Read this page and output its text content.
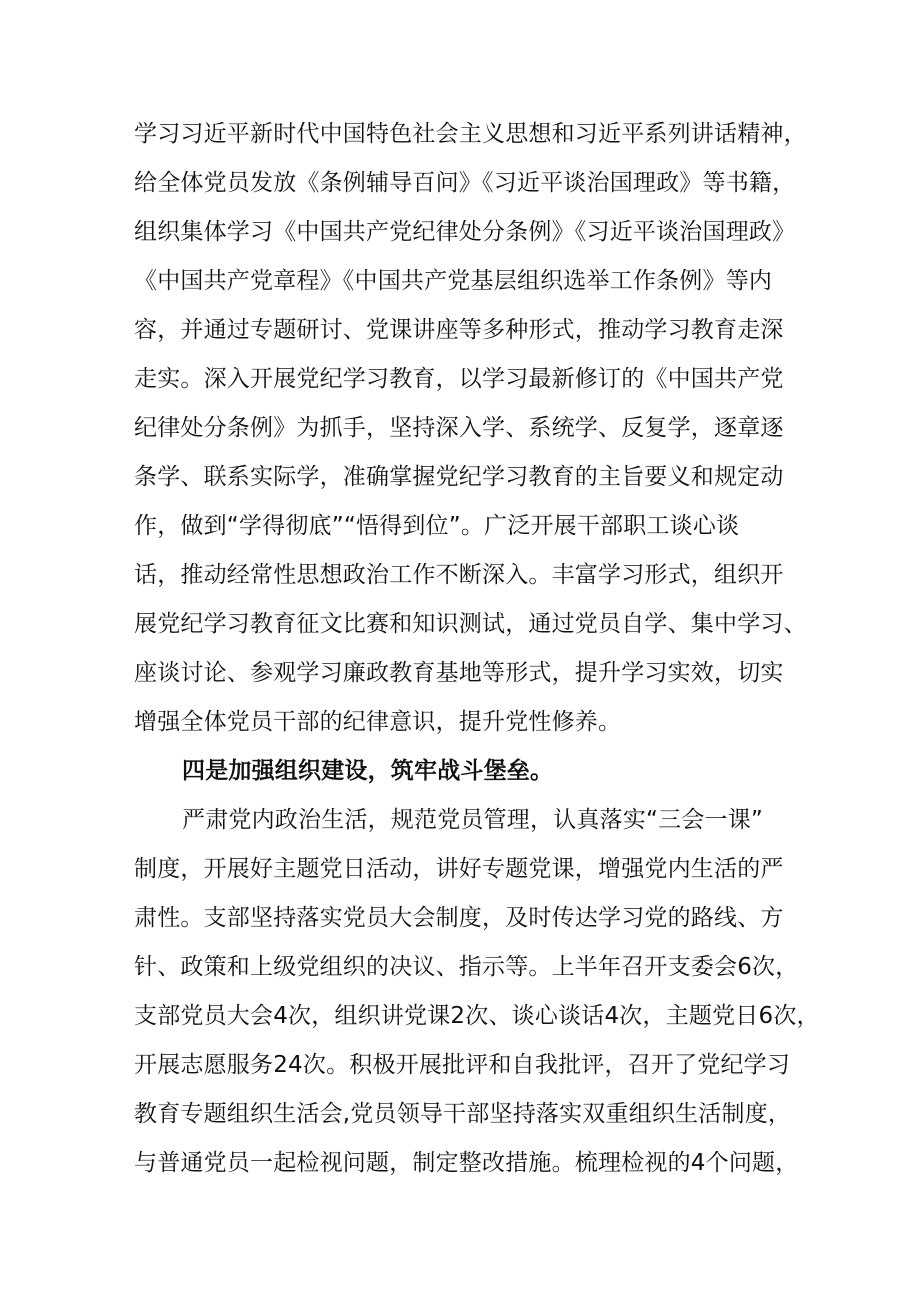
学习习近平新时代中国特色社会主义思想和习近平系列讲话精神，
给全体党员发放《条例辅导百问》《习近平谈治国理政》等书籍，
组织集体学习《中国共产党纪律处分条例》《习近平谈治国理政》
《中国共产党章程》《中国共产党基层组织选举工作条例》等内
容，并通过专题研讨、党课讲座等多种形式，推动学习教育走深
走实。深入开展党纪学习教育，以学习最新修订的《中国共产党
纪律处分条例》为抓手，坚持深入学、系统学、反复学，逐章逐
条学、联系实际学，准确掌握党纪学习教育的主旨要义和规定动
作，做到“学得彻底”“悟得到位”。广泛开展干部职工谈心谈
话，推动经常性思想政治工作不断深入。丰富学习形式，组织开
展党纪学习教育征文比赛和知识测试，通过党员自学、集中学习、
座谈讨论、参观学习廉政教育基地等形式，提升学习实效，切实
增强全体党员干部的纪律意识，提升党性修养。
四是加强组织建设，筑牢战斗堡垒。
严肃党内政治生活，规范党员管理，认真落实“三会一课”
制度，开展好主题党日活动，讲好专题党课，增强党内生活的严
肃性。支部坚持落实党员大会制度，及时传达学习党的路线、方
针、政策和上级党组织的决议、指示等。上半年召开支委会6次，
支部党员大会4次，组织讲党课2次、谈心谈话4次，主题党日6次，
开展志愿服务24次。积极开展批评和自我批评，召开了党纪学习
教育专题组织生活会,党员领导干部坚持落实双重组织生活制度，
与普通党员一起检视问题，制定整改措施。梳理检视的4个问题，
